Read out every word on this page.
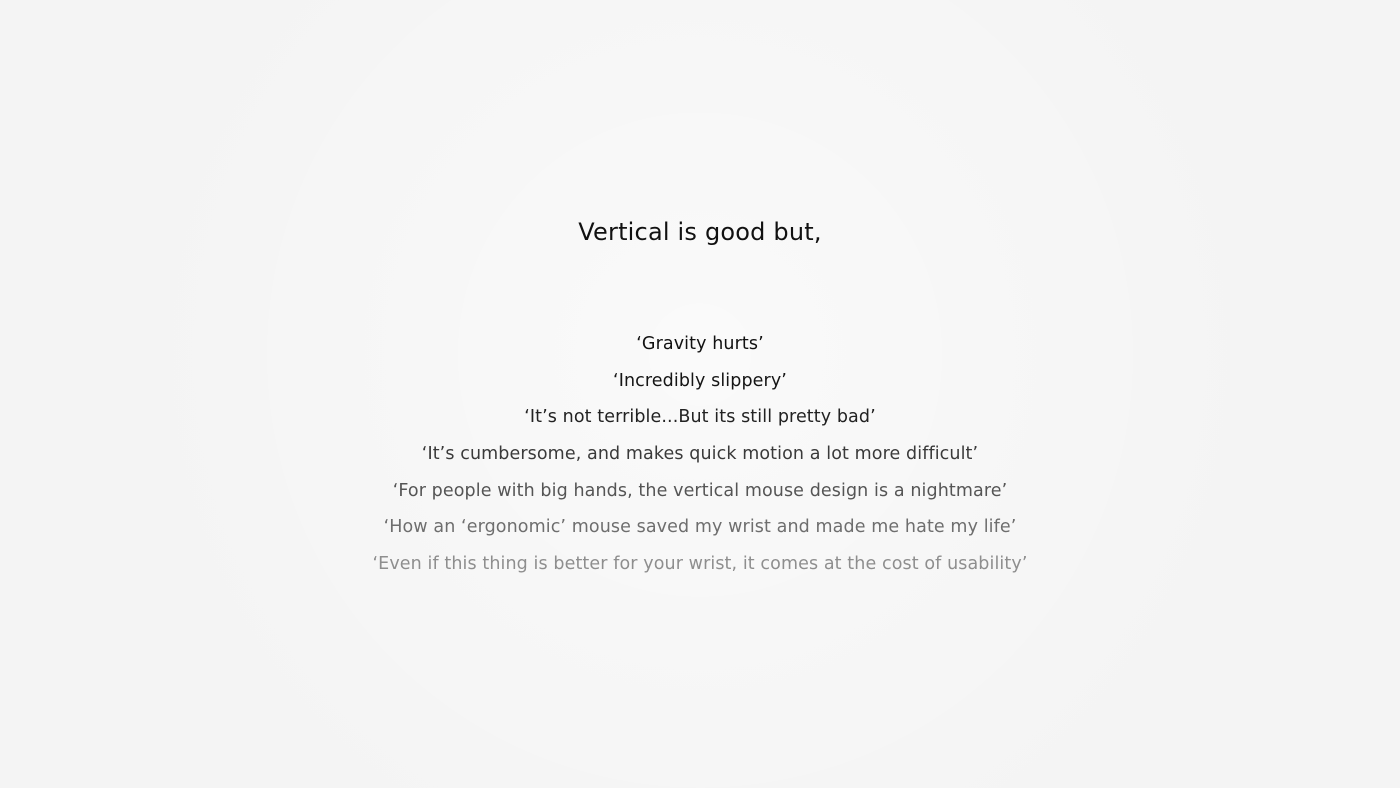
Vertical is good but,
‘Gravity hurts’
‘Incredibly slippery’
‘It’s not terrible...But its still pretty bad’
‘It’s cumbersome, and makes quick motion a lot more difficult’
‘For people with big hands, the vertical mouse design is a nightmare’
‘How an ‘ergonomic’ mouse saved my wrist and made me hate my life’
‘Even if this thing is better for your wrist, it comes at the cost of usability’
